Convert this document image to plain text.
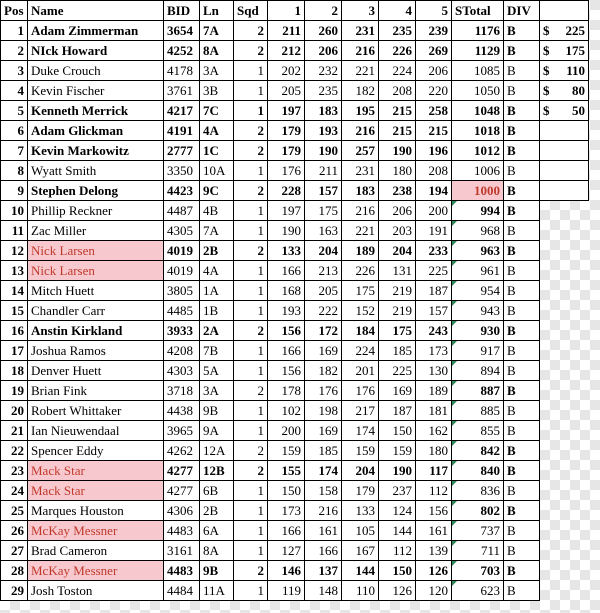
Pos	Name	BID	Ln	Sqd	1	2	3	4	5	STotal	DIV	
1	Adam Zimmerman	3654	7A	2	211	260	231	235	239	1176	B	$ 225

2	NIck Howard	4252	8A	2	212	206	216	226	269	1129	B	$ 175

3	Duke Crouch	4178	3A	1	202	232	221	224	206	1085	B	$ 110

4	Kevin Fischer	3761	3B	1	205	235	182	208	220	1050	B	$ 80

5	Kenneth Merrick	4217	7C	1	197	183	195	215	258	1048	B	$ 50

6	Adam Glickman	4191	4A	2	179	193	216	215	215	1018	B	
7	Kevin Markowitz	2777	1C	2	179	190	257	190	196	1012	B	
8	Wyatt Smith	3350	10A	1	176	211	231	180	208	1006	B	
9	Stephen Delong	4423	9C	2	228	157	183	238	194	1000	B	
10	Phillip Reckner	4487	4B	1	197	175	216	206	200	994	B	
11	Zac Miller	4305	7A	1	190	163	221	203	191	968	B	
12	Nick Larsen	4019	2B	2	133	204	189	204	233	963	B	
13	Nick Larsen	4019	4A	1	166	213	226	131	225	961	B	
14	Mitch Huett	3805	1A	1	168	205	175	219	187	954	B	
15	Chandler Carr	4485	1B	1	193	222	152	219	157	943	B	
16	Anstin Kirkland	3933	2A	2	156	172	184	175	243	930	B	
17	Joshua Ramos	4208	7B	1	166	169	224	185	173	917	B	
18	Denver Huett	4303	5A	1	156	182	201	225	130	894	B	
19	Brian Fink	3718	3A	2	178	176	176	169	189	887	B	
20	Robert Whittaker	4438	9B	1	102	198	217	187	181	885	B	
21	Ian Nieuwendaal	3965	9A	1	200	169	174	150	162	855	B	
22	Spencer Eddy	4262	12A	2	159	185	159	159	180	842	B	
23	Mack Star	4277	12B	2	155	174	204	190	117	840	B	
24	Mack Star	4277	6B	1	150	158	179	237	112	836	B	
25	Marques Houston	4306	2B	1	173	216	133	124	156	802	B	
26	McKay Messner	4483	6A	1	166	161	105	144	161	737	B	
27	Brad Cameron	3161	8A	1	127	166	167	112	139	711	B	
28	McKay Messner	4483	9B	2	146	137	144	150	126	703	B	
29	Josh Toston	4484	11A	1	119	148	110	126	120	623	B	
